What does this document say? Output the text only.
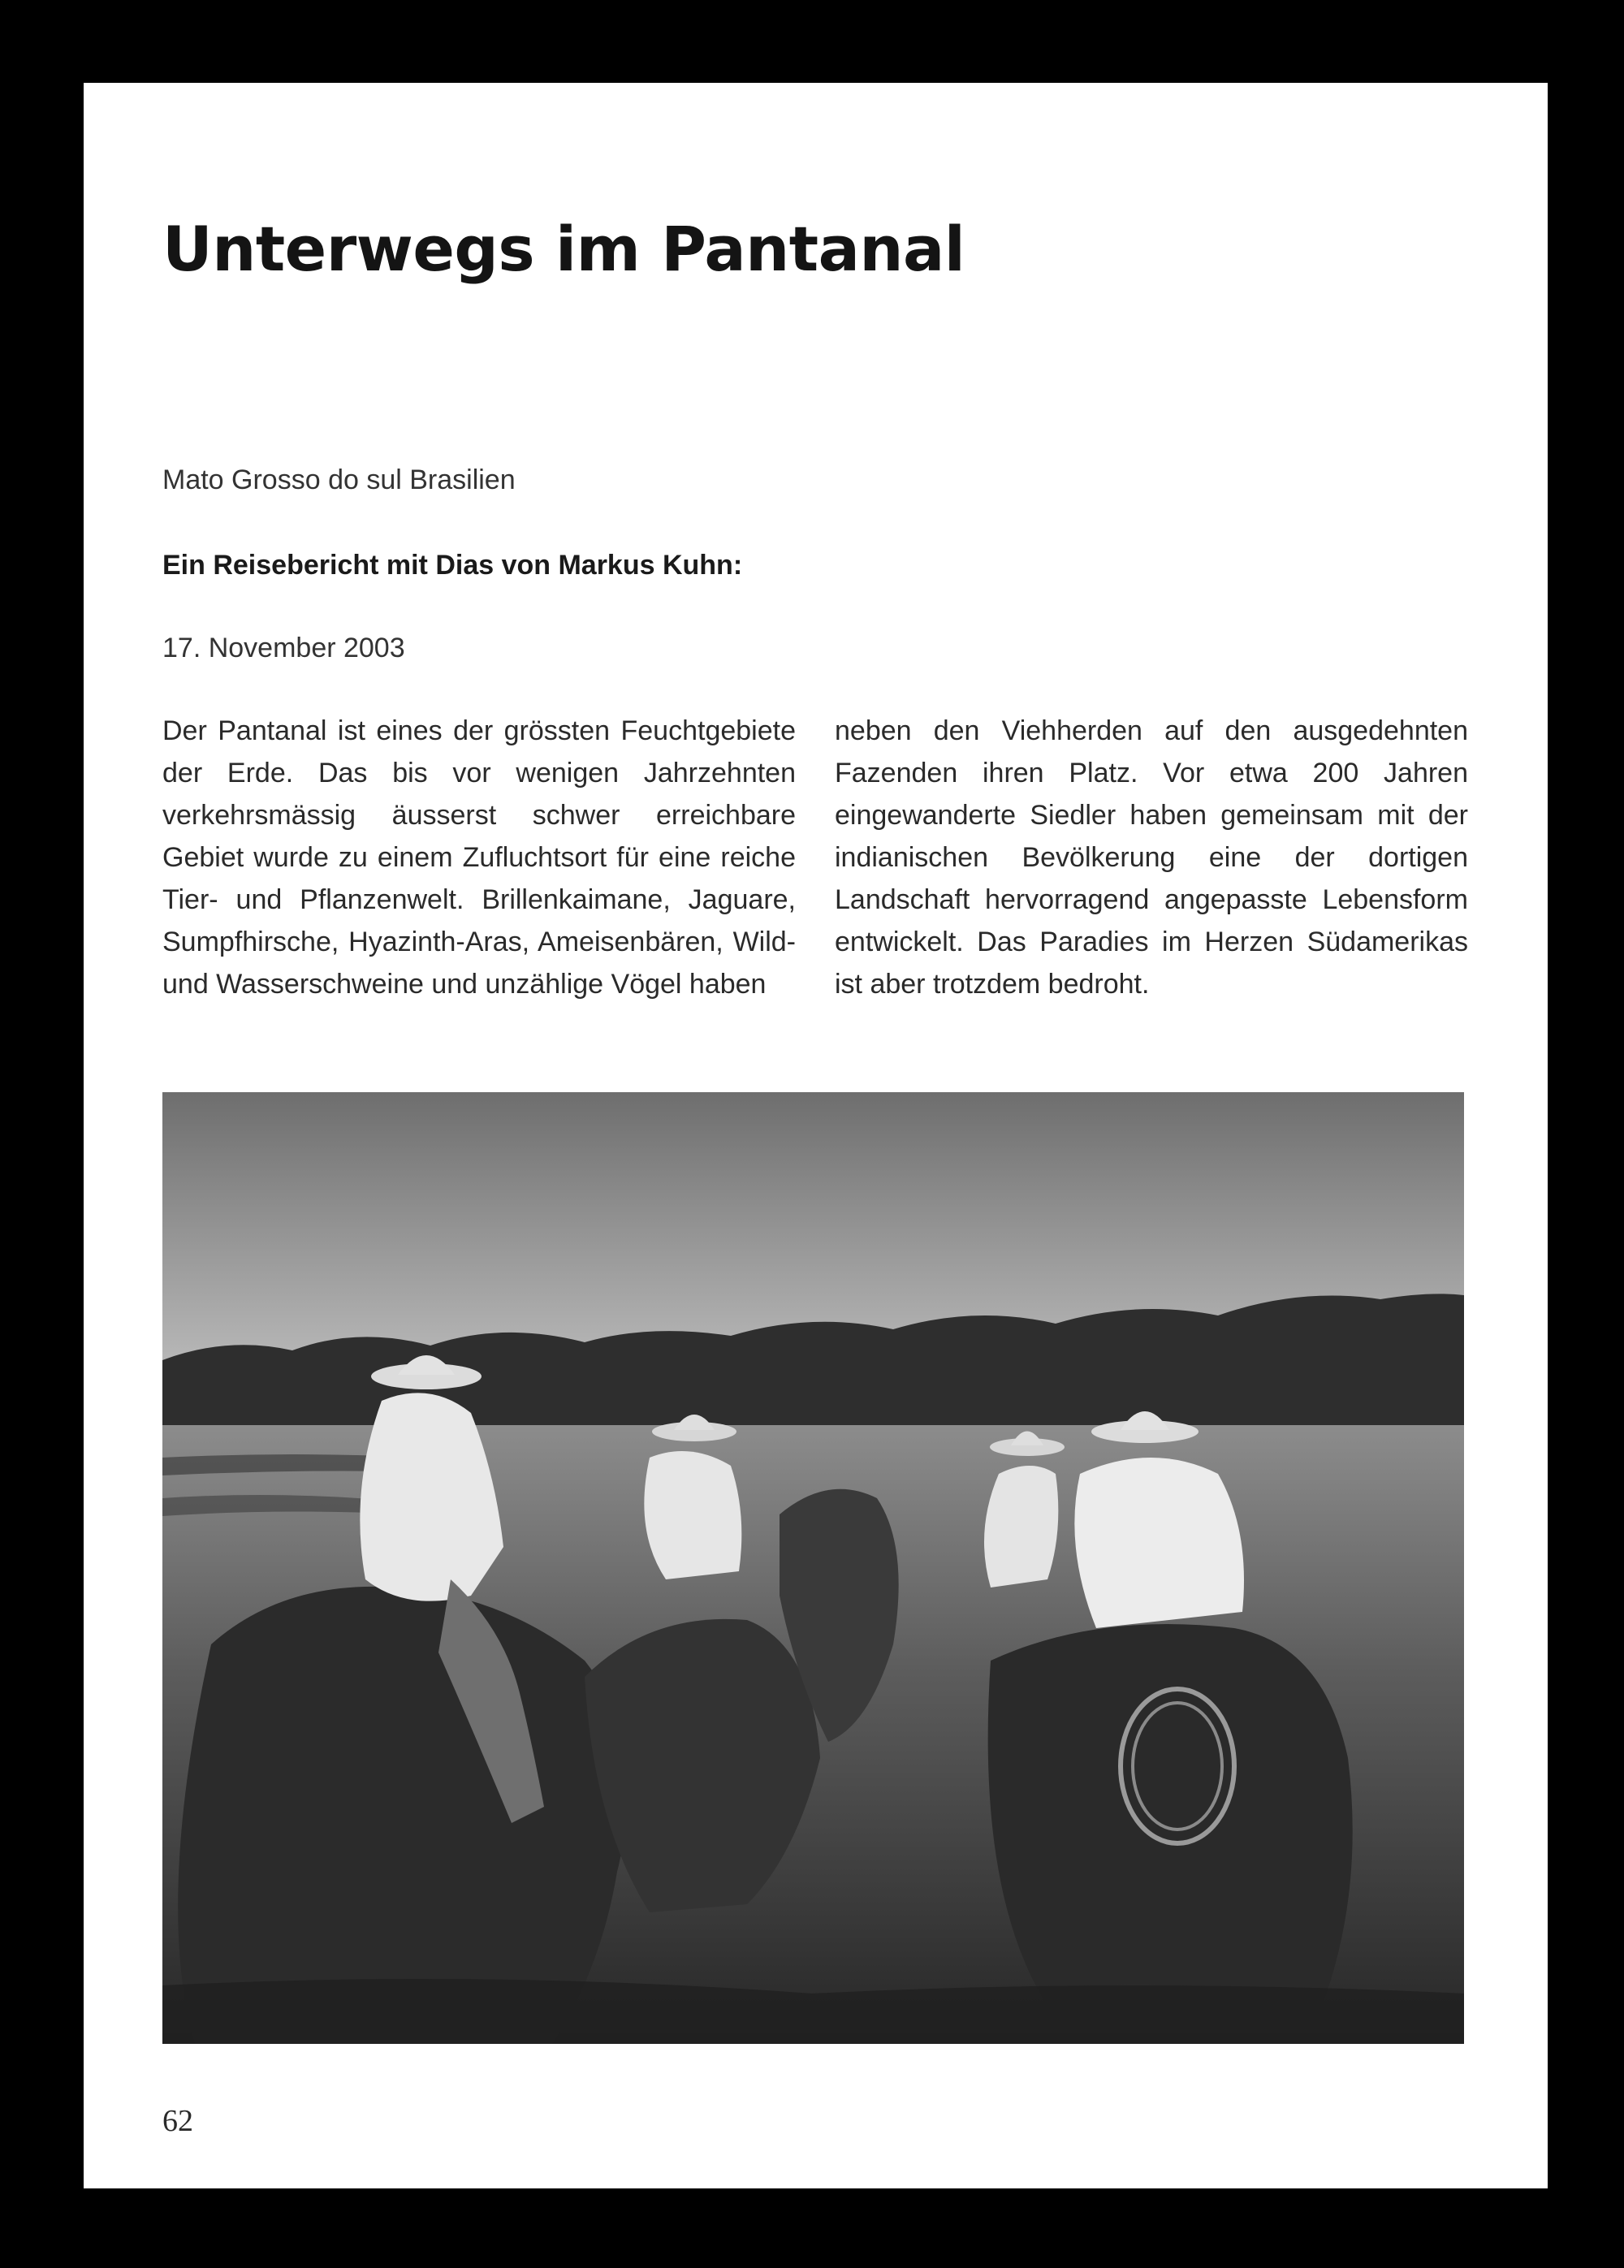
Unterwegs im Pantanal

Mato Grosso do sul Brasilien

Ein Reisebericht mit Dias von Markus Kuhn:

17. November 2003

Der Pantanal ist eines der grössten Feuchtgebiete der Erde. Das bis vor wenigen Jahrzehnten verkehrsmässig äusserst schwer erreichbare Gebiet wurde zu einem Zufluchtsort für eine reiche Tier- und Pflanzenwelt. Brillenkaimane, Jaguare, Sumpfhirsche, Hyazinth-Aras, Ameisenbären, Wild- und Wasserschweine und unzählige Vögel haben

neben den Viehherden auf den ausgedehnten Fazenden ihren Platz. Vor etwa 200 Jahren eingewanderte Siedler haben gemeinsam mit der indianischen Bevölkerung eine der dortigen Landschaft hervorragend angepasste Lebensform entwickelt. Das Paradies im Herzen Südamerikas ist aber trotzdem bedroht.

62
